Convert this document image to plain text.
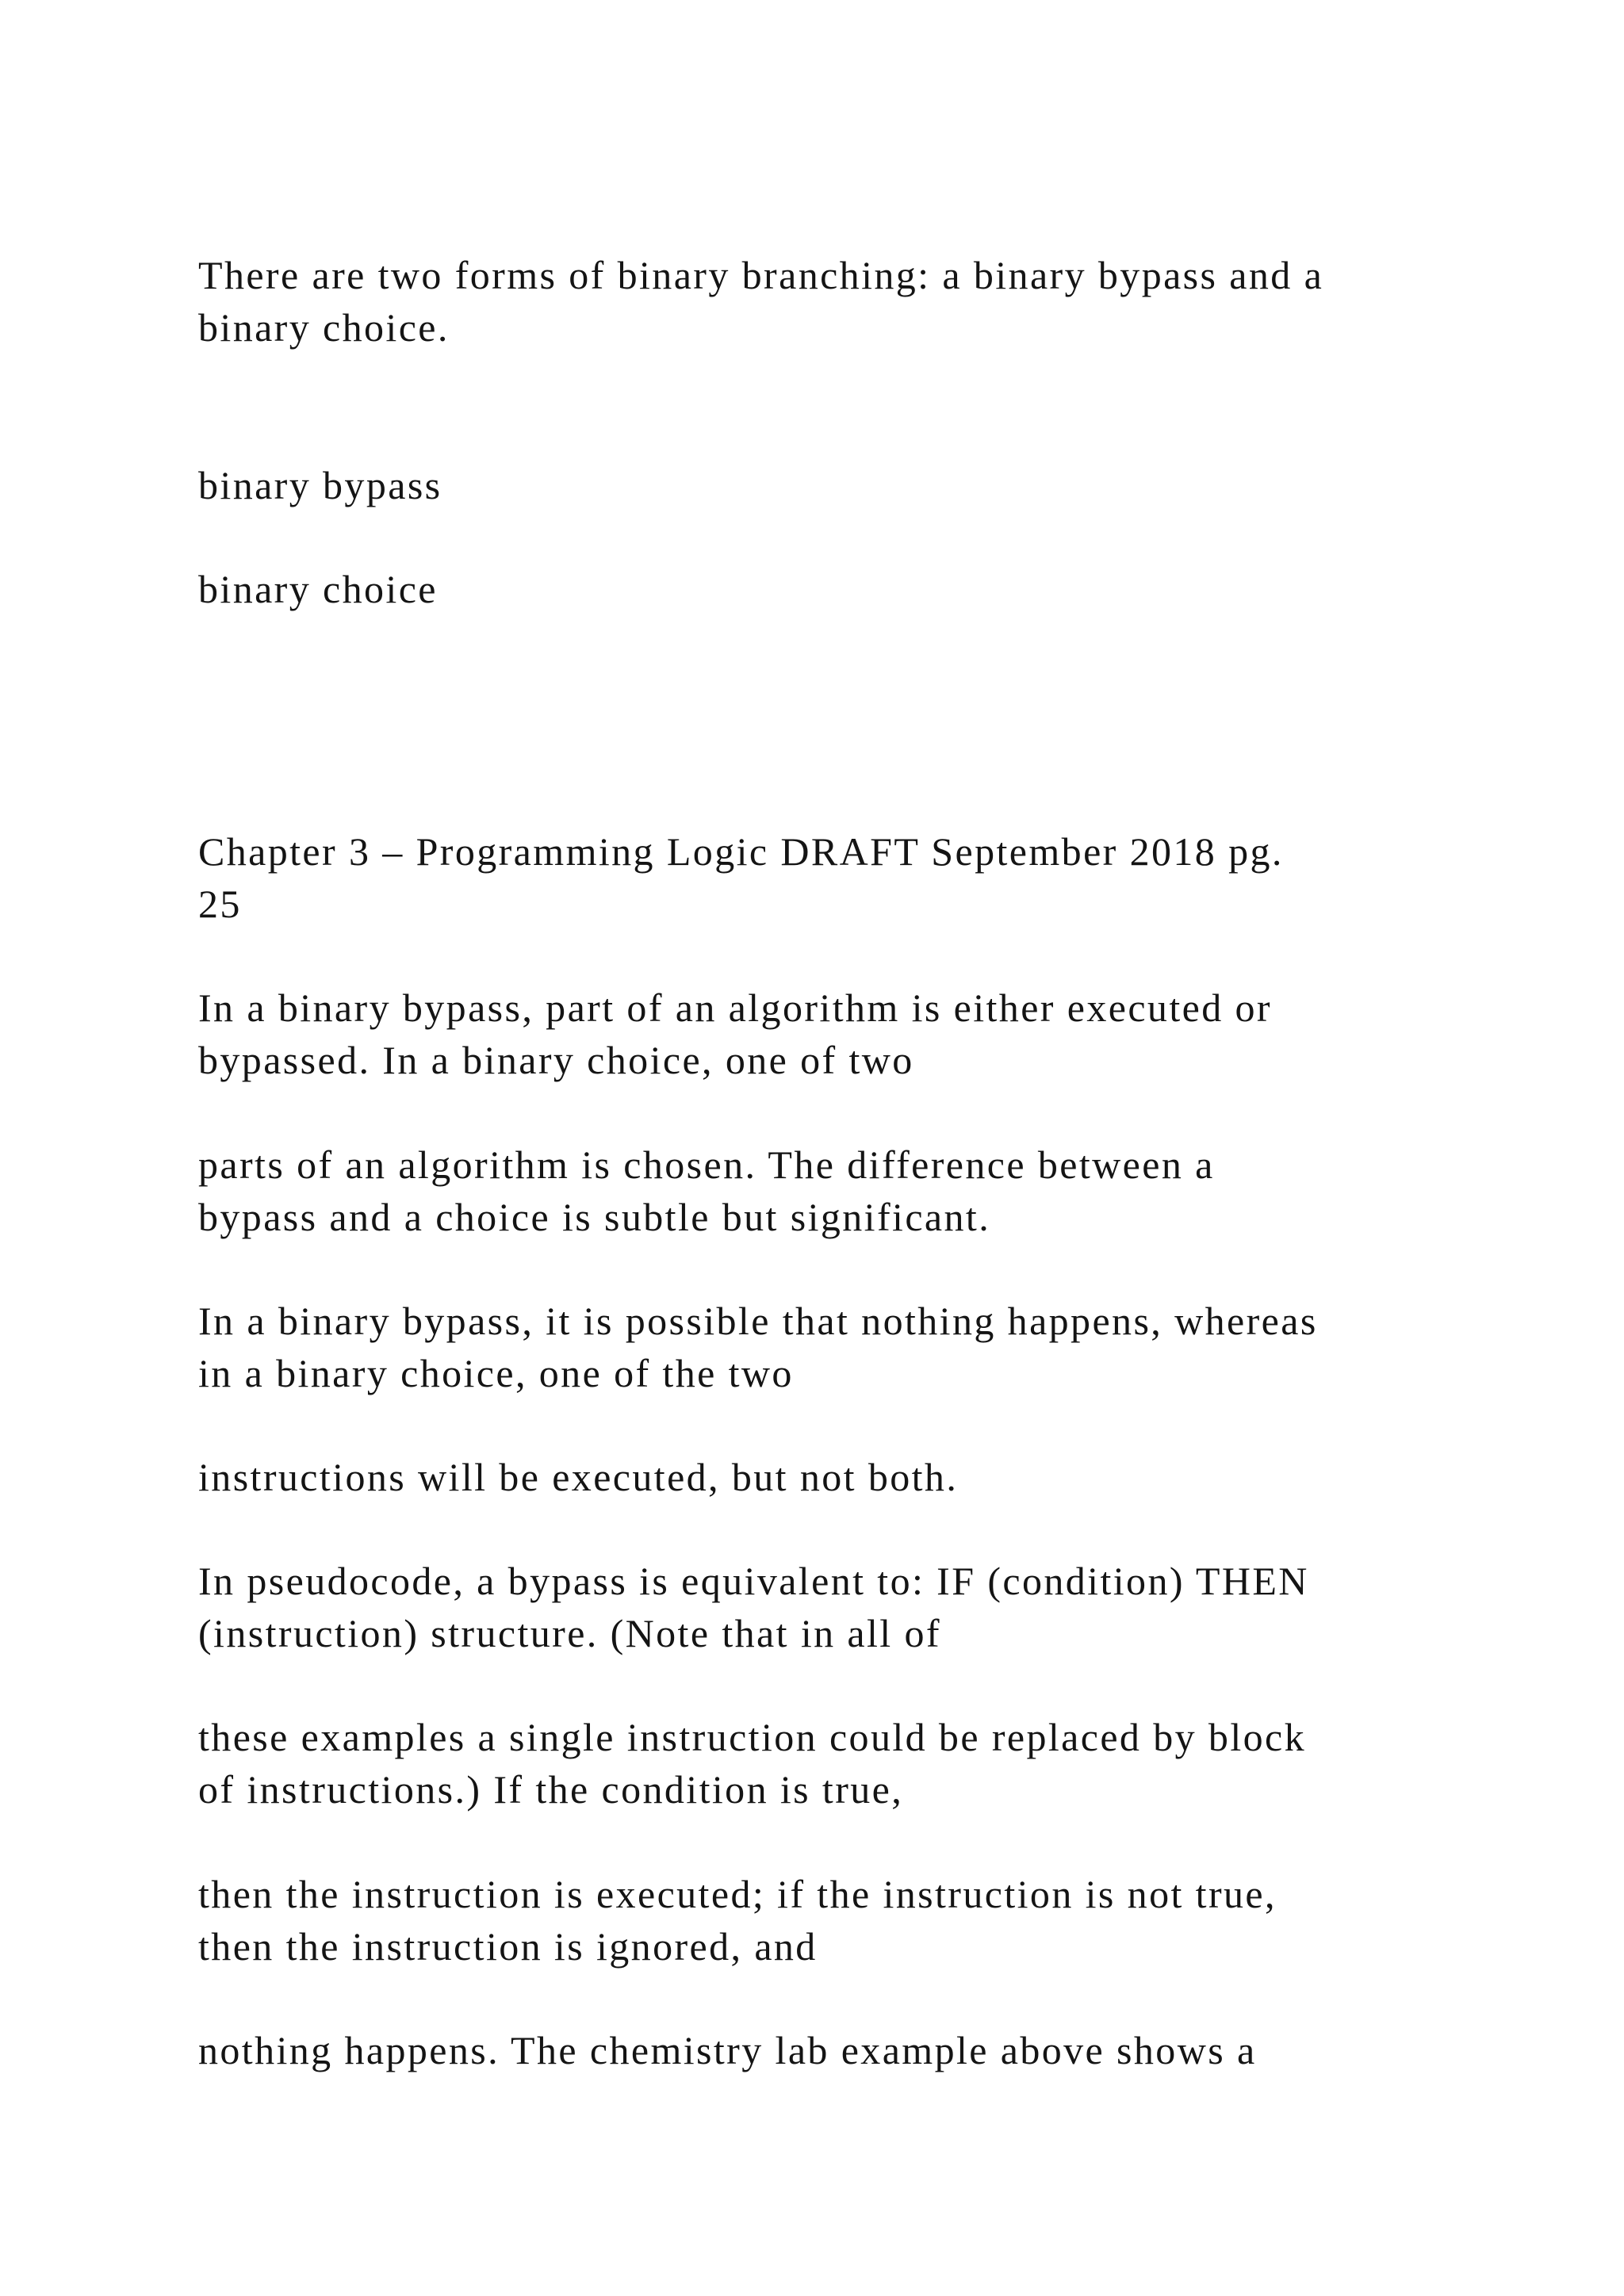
There are two forms of binary branching: a binary bypass and a
binary choice.

binary bypass

binary choice

Chapter 3 – Programming Logic DRAFT September 2018 pg.
25

In a binary bypass, part of an algorithm is either executed or
bypassed. In a binary choice, one of two

parts of an algorithm is chosen. The difference between a
bypass and a choice is subtle but significant.

In a binary bypass, it is possible that nothing happens, whereas
in a binary choice, one of the two

instructions will be executed, but not both.

In pseudocode, a bypass is equivalent to: IF (condition) THEN
(instruction) structure. (Note that in all of

these examples a single instruction could be replaced by block
of instructions.) If the condition is true,

then the instruction is executed; if the instruction is not true,
then the instruction is ignored, and

nothing happens. The chemistry lab example above shows a
